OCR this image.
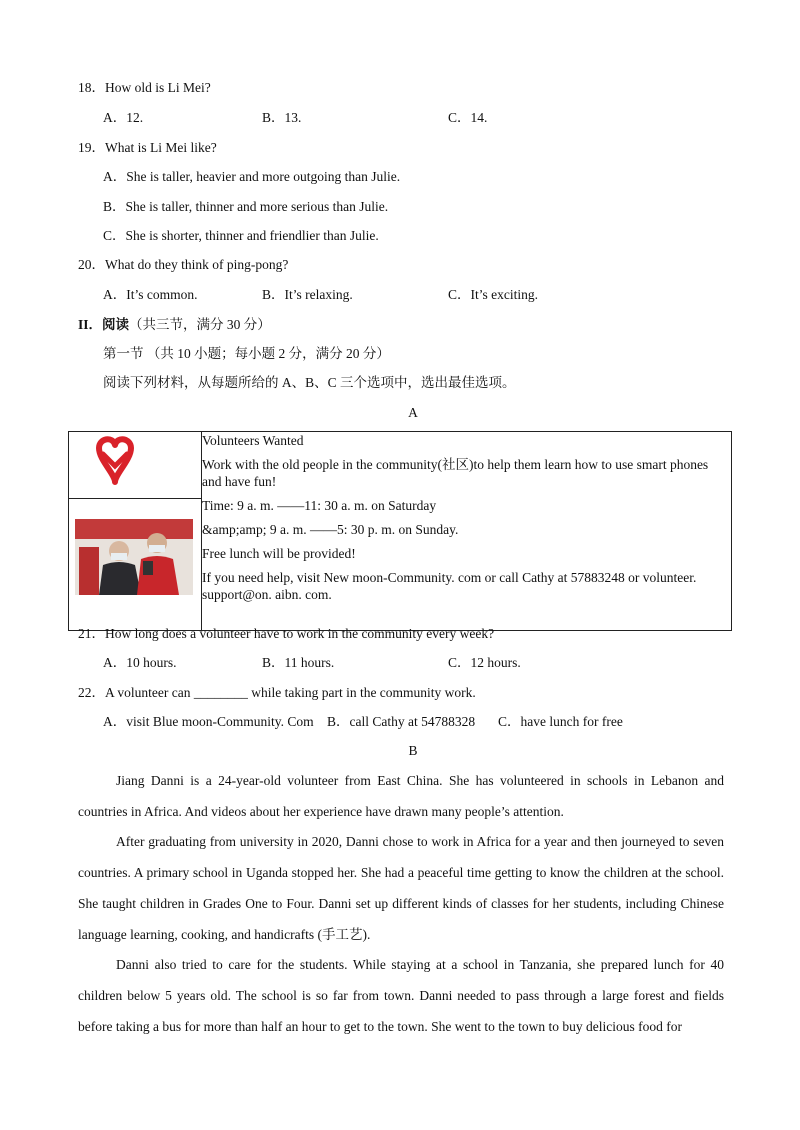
18．How old is Li Mei?
A．12.	B．13.	C．14.
19．What is Li Mei like?
A．She is taller, heavier and more outgoing than Julie.
B．She is taller, thinner and more serious than Julie.
C．She is shorter, thinner and friendlier than Julie.
20．What do they think of ping-pong?
A．It’s common.	B．It’s relaxing.	C．It’s exciting.
II．阅读（共三节，满分 30 分）
第一节 （共 10 小题；每小题 2 分，满分 20 分）
阅读下列材料，从每题所给的 A、B、C 三个选项中，选出最佳选项。
A

Volunteers Wanted

Work with the old people in the community(社区)to help them learn how to use smart phones and have fun!

Time: 9 a. m. ——11: 30 a. m. on Saturday

&amp;amp; 9 a. m. ——5: 30 p. m. on Sunday.

Free lunch will be provided!

If you need help, visit New moon-Community. com or call Cathy at 57883248 or volunteer. support@on. aibn. com.

21．How long does a volunteer have to work in the community every week?
A．10 hours.	B．11 hours.	C．12 hours.
22．A volunteer can ________ while taking part in the community work.
A．visit Blue moon-Community. Com B．call Cathy at 54788328 C．have lunch for free
B
Jiang Danni is a 24-year-old volunteer from East China. She has volunteered in schools in Lebanon and countries in Africa. And videos about her experience have drawn many people’s attention.
After graduating from university in 2020, Danni chose to work in Africa for a year and then journeyed to seven countries. A primary school in Uganda stopped her. She had a peaceful time getting to know the children at the school. She taught children in Grades One to Four. Danni set up different kinds of classes for her students, including Chinese language learning, cooking, and handicrafts (手工艺).
Danni also tried to care for the students. While staying at a school in Tanzania, she prepared lunch for 40 children below 5 years old. The school is so far from town. Danni needed to pass through a large forest and fields before taking a bus for more than half an hour to get to the town. She went to the town to buy delicious food for
